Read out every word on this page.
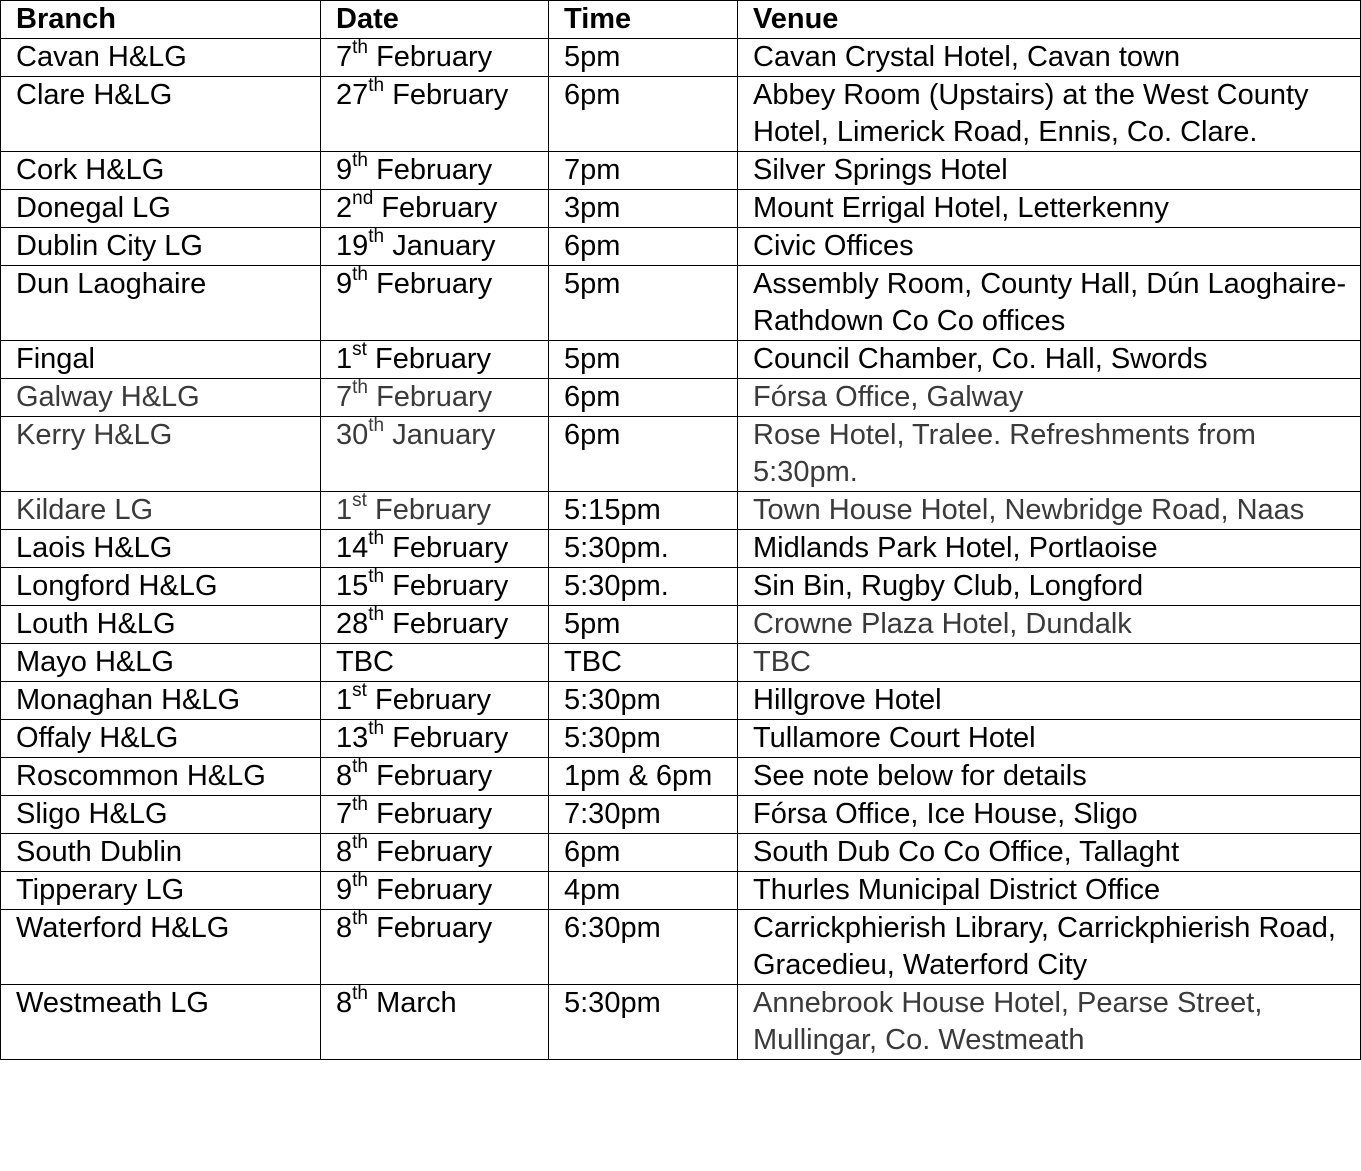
Branch	Date	Time	Venue
Cavan H&LG	7th February	5pm	Cavan Crystal Hotel, Cavan town
Clare H&LG	27th February	6pm	Abbey Room (Upstairs) at the West County Hotel, Limerick Road, Ennis, Co. Clare.
Cork H&LG	9th February	7pm	Silver Springs Hotel
Donegal LG	2nd February	3pm	Mount Errigal Hotel, Letterkenny
Dublin City LG	19th January	6pm	Civic Offices
Dun Laoghaire	9th February	5pm	Assembly Room, County Hall, Dún Laoghaire-Rathdown Co Co offices
Fingal	1st February	5pm	Council Chamber, Co. Hall, Swords
Galway H&LG	7th February	6pm	Fórsa Office, Galway
Kerry H&LG	30th January	6pm	Rose Hotel, Tralee. Refreshments from 5:30pm.
Kildare LG	1st February	5:15pm	Town House Hotel, Newbridge Road, Naas
Laois H&LG	14th February	5:30pm.	Midlands Park Hotel, Portlaoise
Longford H&LG	15th February	5:30pm.	Sin Bin, Rugby Club, Longford
Louth H&LG	28th February	5pm	Crowne Plaza Hotel, Dundalk
Mayo H&LG	TBC	TBC	TBC
Monaghan H&LG	1st February	5:30pm	Hillgrove Hotel
Offaly H&LG	13th February	5:30pm	Tullamore Court Hotel
Roscommon H&LG	8th February	1pm & 6pm	See note below for details
Sligo H&LG	7th February	7:30pm	Fórsa Office, Ice House, Sligo
South Dublin	8th February	6pm	South Dub Co Co Office, Tallaght
Tipperary LG	9th February	4pm	Thurles Municipal District Office
Waterford H&LG	8th February	6:30pm	Carrickphierish Library, Carrickphierish Road, Gracedieu, Waterford City
Westmeath LG	8th March	5:30pm	Annebrook House Hotel, Pearse Street, Mullingar, Co. Westmeath
